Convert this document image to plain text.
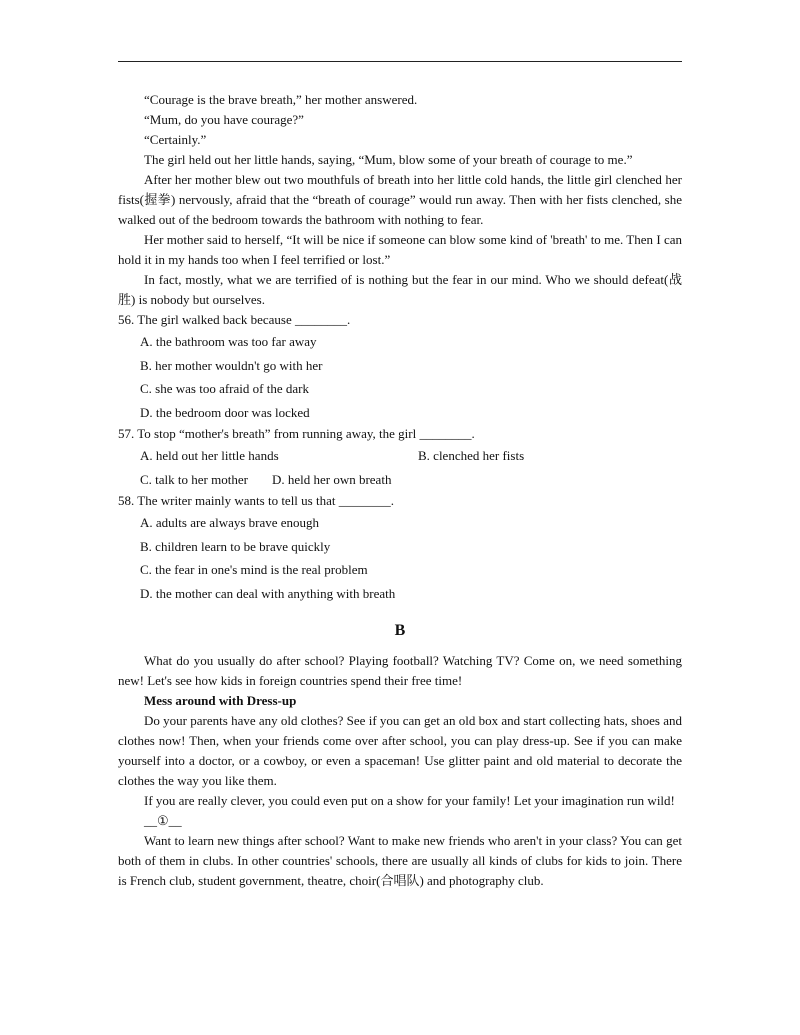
“Courage is the brave breath,” her mother answered.

“Mum, do you have courage?”

“Certainly.”

The girl held out her little hands, saying, “Mum, blow some of your breath of courage to me.”

After her mother blew out two mouthfuls of breath into her little cold hands, the little girl clenched her fists(握拳) nervously, afraid that the “breath of courage” would run away. Then with her fists clenched, she walked out of the bedroom towards the bathroom with nothing to fear.

Her mother said to herself, “It will be nice if someone can blow some kind of 'breath' to me. Then I can hold it in my hands too when I feel terrified or lost.”

In fact, mostly, what we are terrified of is nothing but the fear in our mind. Who we should defeat(战胜) is nobody but ourselves.

56. The girl walked back because ________.

A. the bathroom was too far away

B. her mother wouldn't go with her

C. she was too afraid of the dark

D. the bedroom door was locked

57. To stop “mother's breath” from running away, the girl ________.

A. held out her little hands	B. clenched her fists
C. talk to her mother D. held her own breath

58. The writer mainly wants to tell us that ________.

A. adults are always brave enough

B. children learn to be brave quickly

C. the fear in one's mind is the real problem

D. the mother can deal with anything with breath

B

What do you usually do after school? Playing football? Watching TV? Come on, we need something new! Let's see how kids in foreign countries spend their free time!

Mess around with Dress-up

Do your parents have any old clothes? See if you can get an old box and start collecting hats, shoes and clothes now! Then, when your friends come over after school, you can play dress-up. See if you can make yourself into a doctor, or a cowboy, or even a spaceman! Use glitter paint and old material to decorate the clothes the way you like them.

If you are really clever, you could even put on a show for your family! Let your imagination run wild!

__①__

Want to learn new things after school? Want to make new friends who aren't in your class? You can get both of them in clubs. In other countries' schools, there are usually all kinds of clubs for kids to join. There is French club, student government, theatre, choir(合唱队) and photography club.
